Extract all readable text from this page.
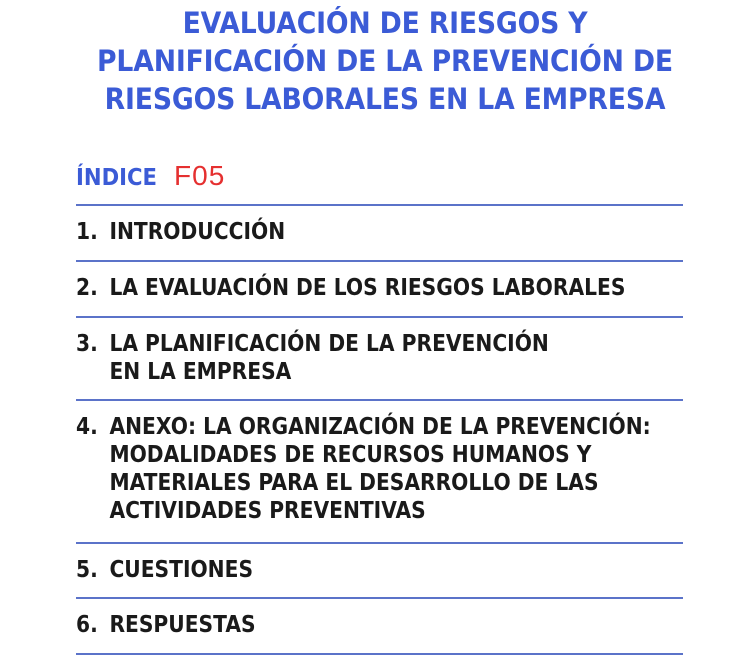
EVALUACIÓN DE RIESGOS Y
PLANIFICACIÓN DE LA PREVENCIÓN DE
RIESGOS LABORALES EN LA EMPRESA
ÍNDICE F05
1. INTRODUCCIÓN
2. LA EVALUACIÓN DE LOS RIESGOS LABORALES
3. LA PLANIFICACIÓN DE LA PREVENCIÓN
EN LA EMPRESA
4. ANEXO: LA ORGANIZACIÓN DE LA PREVENCIÓN:
MODALIDADES DE RECURSOS HUMANOS Y
MATERIALES PARA EL DESARROLLO DE LAS
ACTIVIDADES PREVENTIVAS
5. CUESTIONES
6. RESPUESTAS
